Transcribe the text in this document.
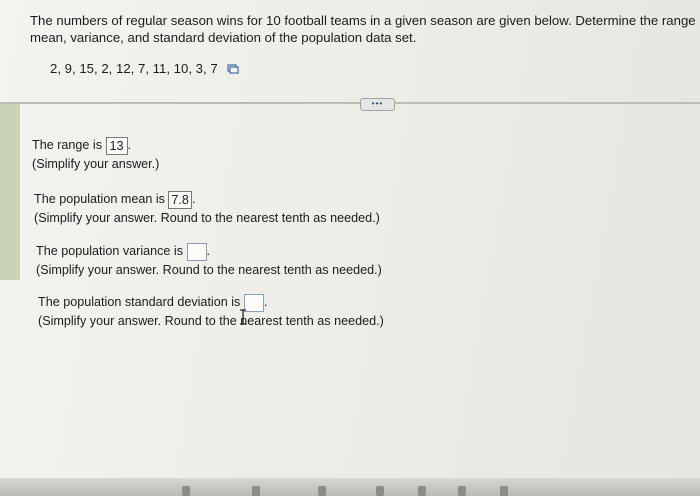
The numbers of regular season wins for 10 football teams in a given season are given below. Determine the range
mean, variance, and standard deviation of the population data set.
2, 9, 15, 2, 12, 7, 11, 10, 3, 7
•••
The range is 13 .
(Simplify your answer.)
The population mean is 7.8 .
(Simplify your answer. Round to the nearest tenth as needed.)
The population variance is .
(Simplify your answer. Round to the nearest tenth as needed.)
The population standard deviation is .
(Simplify your answer. Round to the nearest tenth as needed.)
